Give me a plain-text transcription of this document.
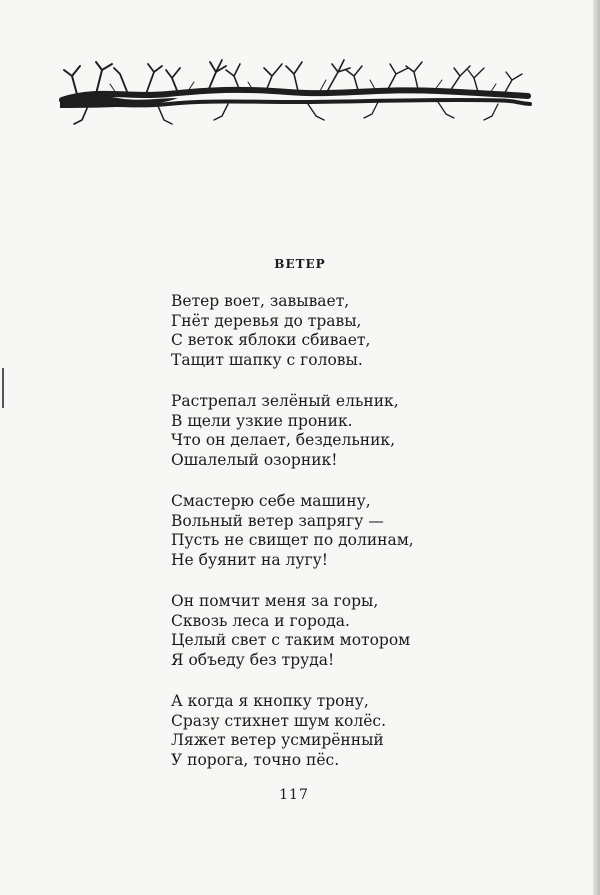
ВЕТЕР
Ветер воет, завывает,
Гнёт деревья до травы,
С веток яблоки сбивает,
Тащит шапку с головы.
Растрепал зелёный ельник,
В щели узкие проник.
Что он делает, бездельник,
Ошалелый озорник!
Смастерю себе машину,
Вольный ветер запрягу —
Пусть не свищет по долинам,
Не буянит на лугу!
Он помчит меня за горы,
Сквозь леса и города.
Целый свет с таким мотором
Я объеду без труда!
А когда я кнопку трону,
Сразу стихнет шум колёс.
Ляжет ветер усмирённый
У порога, точно пёс.
117
